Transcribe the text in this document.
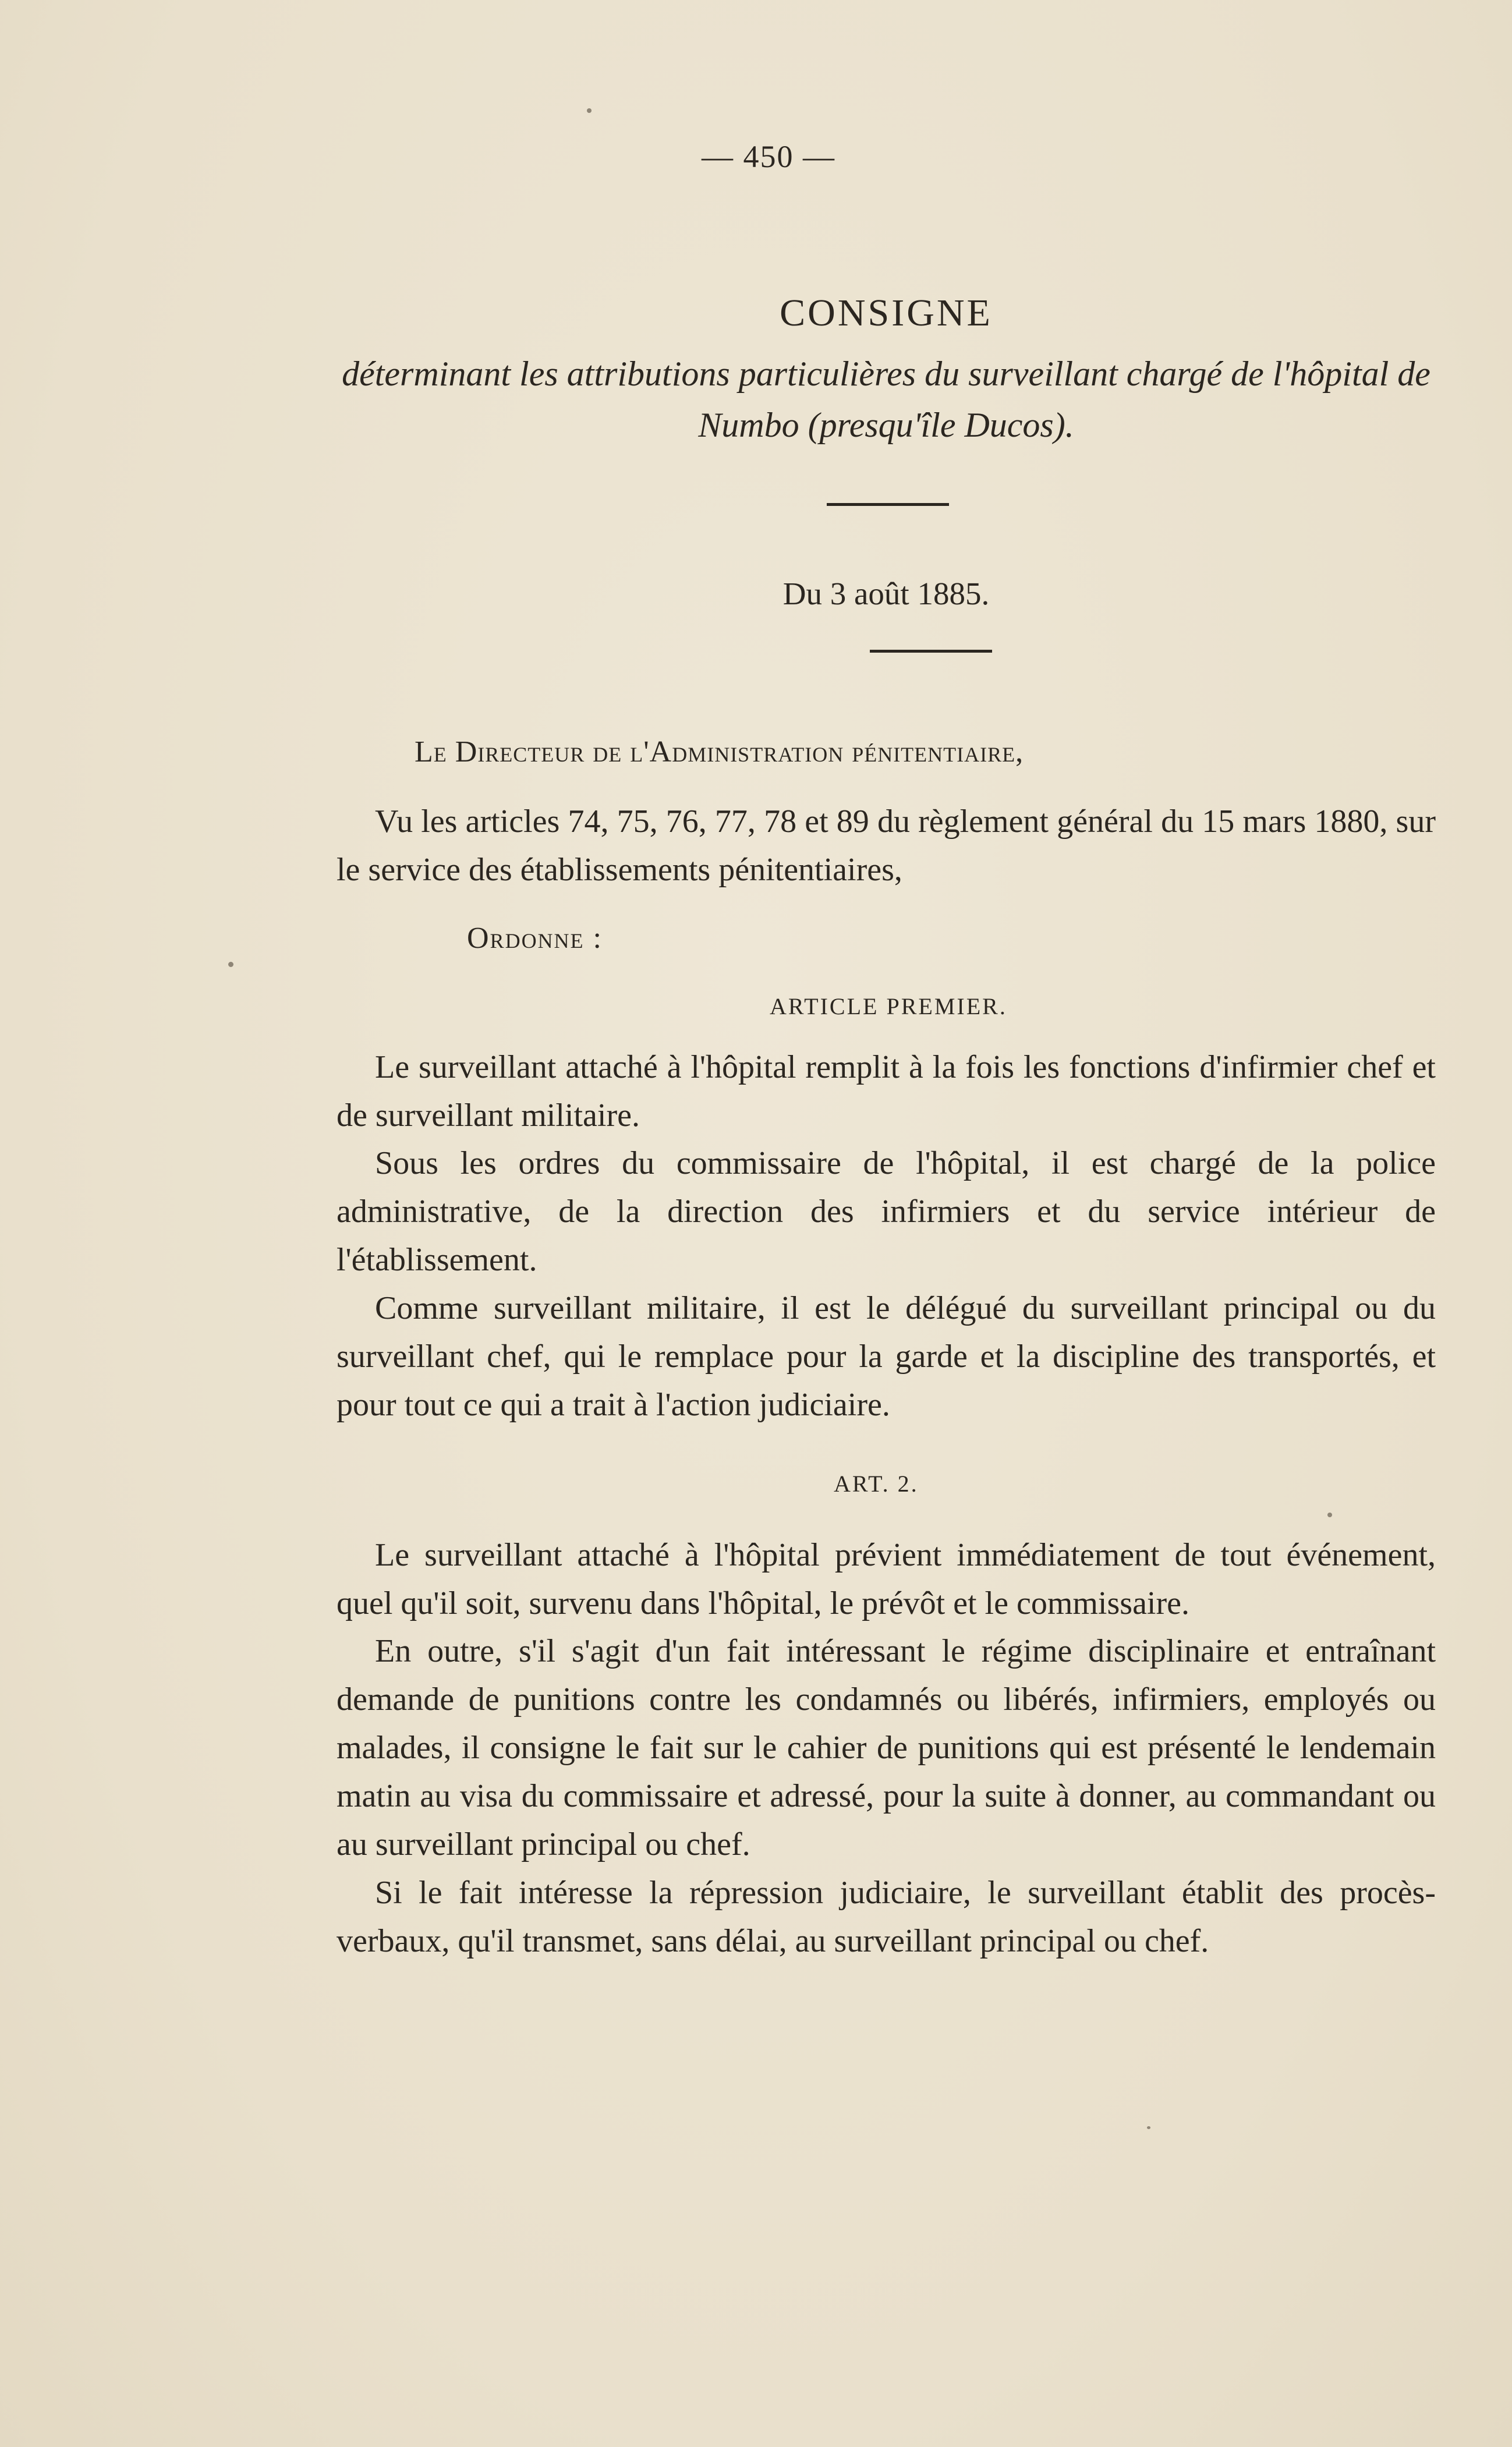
— 450 —
CONSIGNE
déterminant les attributions particulières du surveillant chargé de l'hôpital de Numbo (presqu'île Ducos).
Du 3 août 1885.
Le Directeur de l'Administration pénitentiaire,

Vu les articles 74, 75, 76, 77, 78 et 89 du règlement général du 15 mars 1880, sur le service des établissements pénitentiaires,

Ordonne :
ARTICLE PREMIER.

Le surveillant attaché à l'hôpital remplit à la fois les fonctions d'infirmier chef et de surveillant militaire.

Sous les ordres du commissaire de l'hôpital, il est chargé de la police administrative, de la direction des infirmiers et du service intérieur de l'établissement.

Comme surveillant militaire, il est le délégué du surveillant principal ou du surveillant chef, qui le remplace pour la garde et la discipline des transportés, et pour tout ce qui a trait à l'action judiciaire.

ART. 2.

Le surveillant attaché à l'hôpital prévient immédiatement de tout événement, quel qu'il soit, survenu dans l'hôpital, le prévôt et le commissaire.

En outre, s'il s'agit d'un fait intéressant le régime disciplinaire et entraînant demande de punitions contre les condamnés ou libérés, infirmiers, employés ou malades, il consigne le fait sur le cahier de punitions qui est présenté le lendemain matin au visa du commissaire et adressé, pour la suite à donner, au commandant ou au surveillant principal ou chef.

Si le fait intéresse la répression judiciaire, le surveillant établit des procès-verbaux, qu'il transmet, sans délai, au surveillant principal ou chef.
